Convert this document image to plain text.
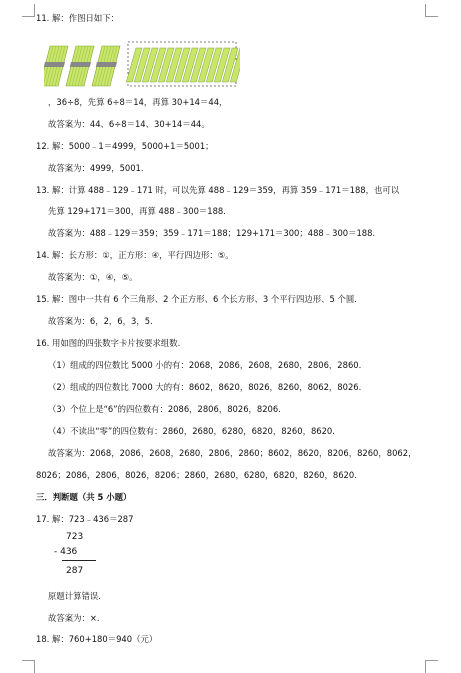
11. 解：作图日如下：
，36÷8，先算 6÷8＝14，再算 30+14＝44，
故答案为：44、6÷8＝14、30+14＝44。
12. 解：5000﹣1＝4999，5000+1＝5001；
故答案为：4999，5001.
13. 解：计算 488﹣129﹣171 时，可以先算 488﹣129＝359，再算 359﹣171＝188，也可以
先算 129+171＝300，再算 488﹣300＝188.
故答案为：488﹣129＝359；359﹣171＝188；129+171＝300；488﹣300＝188.
14. 解：长方形：①，正方形：④，平行四边形：⑤。
故答案为：①，④，⑤。
15. 解：图中一共有 6 个三角形、2 个正方形、6 个长方形、3 个平行四边形、5 个圆.
故答案为：6，2，6，3，5.
16. 用如图的四张数字卡片按要求组数.
（1）组成的四位数比 5000 小的有：2068，2086，2608，2680，2806，2860.
（2）组成的四位数比 7000 大的有：8602，8620，8026，8260，8062，8026.
（3）个位上是“6”的四位数有：2086，2806，8026，8206.
（4）不读出“零”的四位数有：2860，2680，6280，6820，8260，8620.
故答案为：2068，2086，2608，2680，2806，2860；8602，8620，8206，8260，8062，
8026；2086，2806，8026，8206；2860，2680，6280，6820，8260，8620.
三．判断题（共 5 小题）
17. 解：723﹣436＝287
723
- 436
287
原题计算错误.
故答案为：×.
18. 解：760+180＝940（元）
